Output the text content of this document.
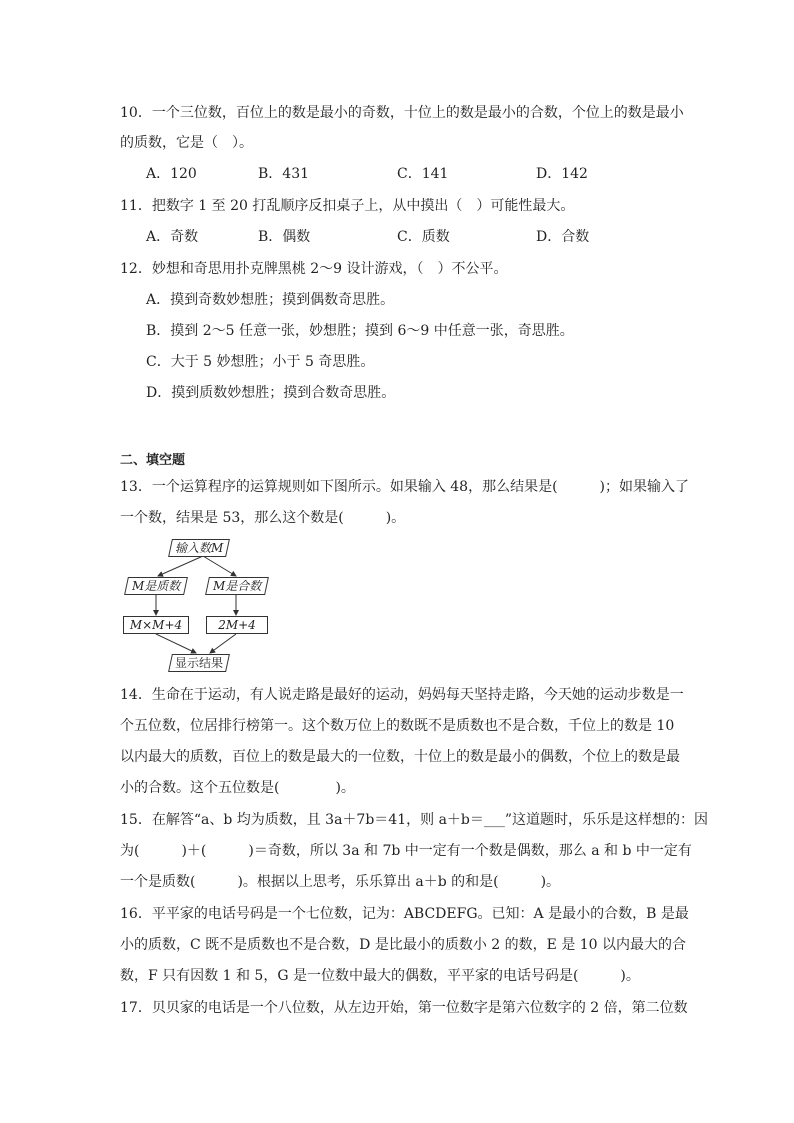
10．一个三位数，百位上的数是最小的奇数，十位上的数是最小的合数，个位上的数是最小
的质数，它是（　）。
A．120	B．431	C．141	D．142
11．把数字 1 至 20 打乱顺序反扣桌子上，从中摸出（　）可能性最大。
A．奇数	B．偶数	C．质数	D．合数
12．妙想和奇思用扑克牌黑桃 2～9 设计游戏，（　）不公平。
A．摸到奇数妙想胜；摸到偶数奇思胜。
B．摸到 2～5 任意一张，妙想胜；摸到 6～9 中任意一张，奇思胜。
C．大于 5 妙想胜；小于 5 奇思胜。
D．摸到质数妙想胜；摸到合数奇思胜。
二、填空题
13．一个运算程序的运算规则如下图所示。如果输入 48，那么结果是(　　　)；如果输入了
一个数，结果是 53，那么这个数是(　　　)。
输入数M
M是质数	M是合数
M×M+4	2M+4
显示结果
14．生命在于运动，有人说走路是最好的运动，妈妈每天坚持走路，今天她的运动步数是一
个五位数，位居排行榜第一。这个数万位上的数既不是质数也不是合数，千位上的数是 10
以内最大的质数，百位上的数是最大的一位数，十位上的数是最小的偶数，个位上的数是最
小的合数。这个五位数是(　　　　)。
15．在解答“a、b 均为质数，且 3a＋7b＝41，则 a＋b＝___”这道题时，乐乐是这样想的：因
为(　　　)＋(　　　)＝奇数，所以 3a 和 7b 中一定有一个数是偶数，那么 a 和 b 中一定有
一个是质数(　　　)。根据以上思考，乐乐算出 a＋b 的和是(　　　)。
16．平平家的电话号码是一个七位数，记为：ABCDEFG。已知：A 是最小的合数，B 是最
小的质数，C 既不是质数也不是合数，D 是比最小的质数小 2 的数，E 是 10 以内最大的合
数，F 只有因数 1 和 5，G 是一位数中最大的偶数，平平家的电话号码是(　　　)。
17．贝贝家的电话是一个八位数，从左边开始，第一位数字是第六位数字的 2 倍，第二位数
